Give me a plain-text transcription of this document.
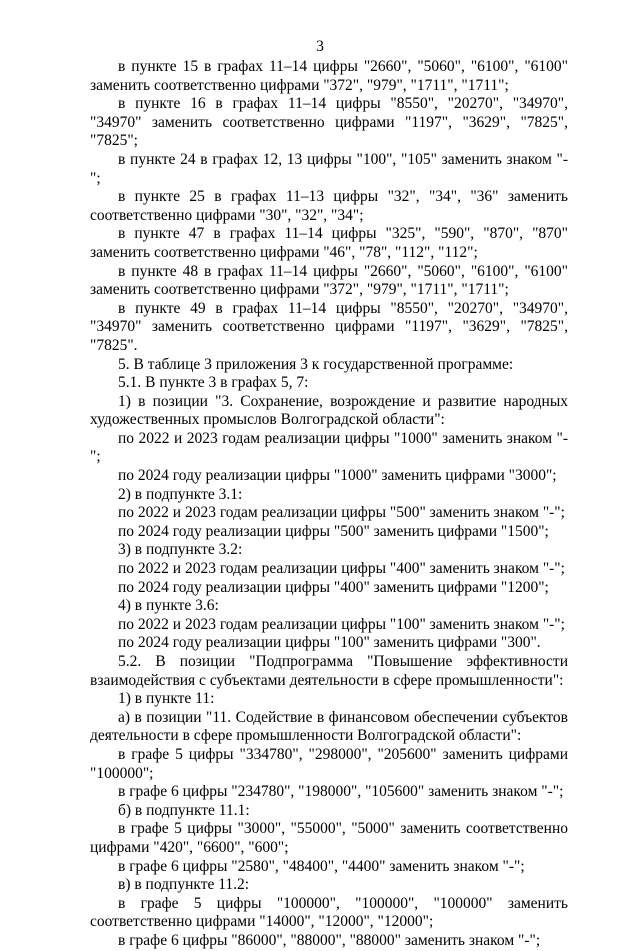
3

в пункте 15 в графах 11–14 цифры "2660", "5060", "6100", "6100" заменить соответственно цифрами "372", "979", "1711", "1711";

в пункте 16 в графах 11–14 цифры "8550", "20270", "34970", "34970" заменить соответственно цифрами "1197", "3629", "7825", "7825";

в пункте 24 в графах 12, 13 цифры "100", "105" заменить знаком "-";

в пункте 25 в графах 11–13 цифры "32", "34", "36" заменить соответственно цифрами "30", "32", "34";

в пункте 47 в графах 11–14 цифры "325", "590", "870", "870" заменить соответственно цифрами "46", "78", "112", "112";

в пункте 48 в графах 11–14 цифры "2660", "5060", "6100", "6100" заменить соответственно цифрами "372", "979", "1711", "1711";

в пункте 49 в графах 11–14 цифры "8550", "20270", "34970", "34970" заменить соответственно цифрами "1197", "3629", "7825", "7825".

5. В таблице 3 приложения 3 к государственной программе:

5.1. В пункте 3 в графах 5, 7:

1) в позиции "3. Сохранение, возрождение и развитие народных художественных промыслов Волгоградской области":

по 2022 и 2023 годам реализации цифры "1000" заменить знаком "-";

по 2024 году реализации цифры "1000" заменить цифрами "3000";

2) в подпункте 3.1:

по 2022 и 2023 годам реализации цифры "500" заменить знаком "-";

по 2024 году реализации цифры "500" заменить цифрами "1500";

3) в подпункте 3.2:

по 2022 и 2023 годам реализации цифры "400" заменить знаком "-";

по 2024 году реализации цифры "400" заменить цифрами "1200";

4) в пункте 3.6:

по 2022 и 2023 годам реализации цифры "100" заменить знаком "-";

по 2024 году реализации цифры "100" заменить цифрами "300".

5.2. В позиции "Подпрограмма "Повышение эффективности взаимодействия с субъектами деятельности в сфере промышленности":

1) в пункте 11:

а) в позиции "11. Содействие в финансовом обеспечении субъектов деятельности в сфере промышленности Волгоградской области":

в графе 5 цифры "334780", "298000", "205600" заменить цифрами "100000";

в графе 6 цифры "234780", "198000", "105600" заменить знаком "-";

б) в подпункте 11.1:

в графе 5 цифры "3000", "55000", "5000" заменить соответственно цифрами "420", "6600", "600";

в графе 6 цифры "2580", "48400", "4400" заменить знаком "-";

в) в подпункте 11.2:

в графе 5 цифры "100000", "100000", "100000" заменить соответственно цифрами "14000", "12000", "12000";

в графе 6 цифры "86000", "88000", "88000" заменить знаком "-";
